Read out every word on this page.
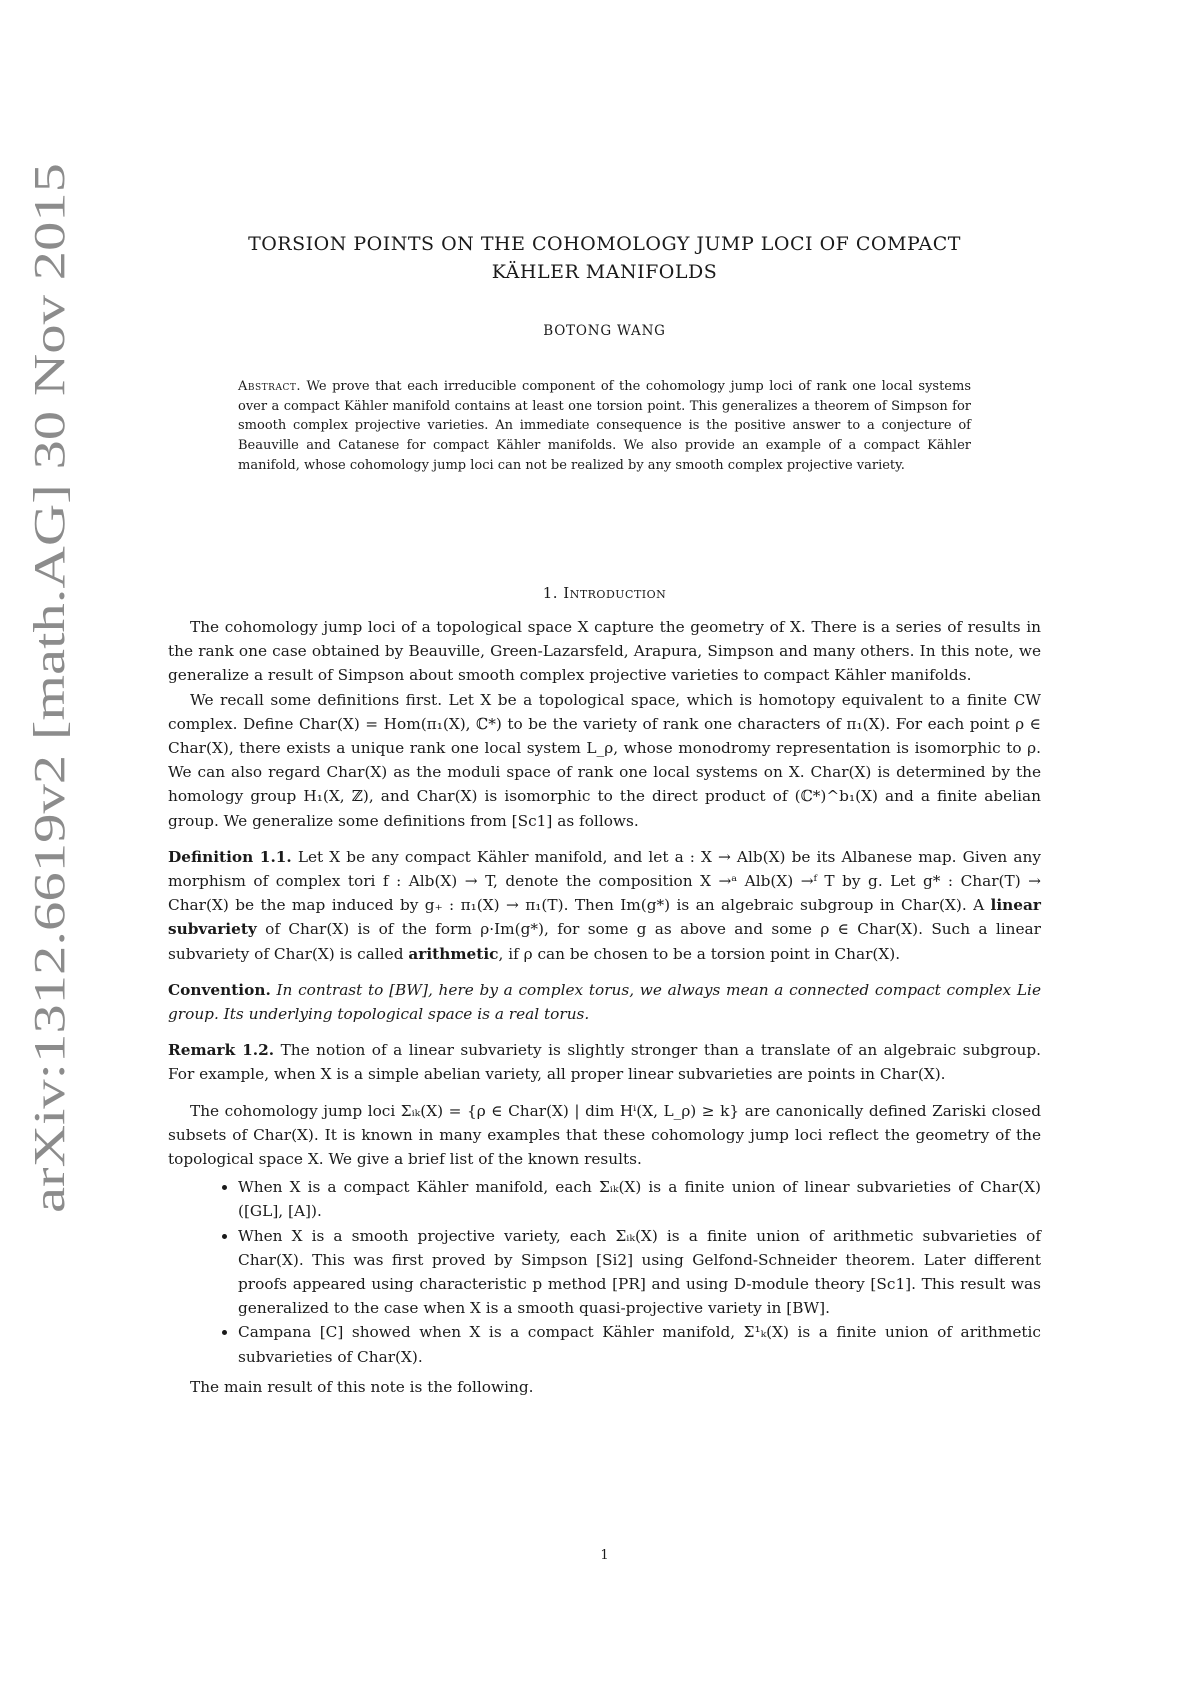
arXiv:1312.6619v2 [math.AG] 30 Nov 2015
TORSION POINTS ON THE COHOMOLOGY JUMP LOCI OF COMPACT
KÄHLER MANIFOLDS
BOTONG WANG
Abstract. We prove that each irreducible component of the cohomology jump loci of rank one local systems over a compact Kähler manifold contains at least one torsion point. This generalizes a theorem of Simpson for smooth complex projective varieties. An immediate consequence is the positive answer to a conjecture of Beauville and Catanese for compact Kähler manifolds. We also provide an example of a compact Kähler manifold, whose cohomology jump loci can not be realized by any smooth complex projective variety.
1. Introduction

The cohomology jump loci of a topological space X capture the geometry of X. There is a series of results in the rank one case obtained by Beauville, Green-Lazarsfeld, Arapura, Simpson and many others. In this note, we generalize a result of Simpson about smooth complex projective varieties to compact Kähler manifolds.

We recall some definitions first. Let X be a topological space, which is homotopy equivalent to a finite CW complex. Define Char(X) = Hom(π₁(X), ℂ*) to be the variety of rank one characters of π₁(X). For each point ρ ∈ Char(X), there exists a unique rank one local system L_ρ, whose monodromy representation is isomorphic to ρ. We can also regard Char(X) as the moduli space of rank one local systems on X. Char(X) is determined by the homology group H₁(X, ℤ), and Char(X) is isomorphic to the direct product of (ℂ*)^b₁(X) and a finite abelian group. We generalize some definitions from [Sc1] as follows.

Definition 1.1. Let X be any compact Kähler manifold, and let a : X → Alb(X) be its Albanese map. Given any morphism of complex tori f : Alb(X) → T, denote the composition X →ᵃ Alb(X) →ᶠ T by g. Let g* : Char(T) → Char(X) be the map induced by g₊ : π₁(X) → π₁(T). Then Im(g*) is an algebraic subgroup in Char(X). A linear subvariety of Char(X) is of the form ρ·Im(g*), for some g as above and some ρ ∈ Char(X). Such a linear subvariety of Char(X) is called arithmetic, if ρ can be chosen to be a torsion point in Char(X).

Convention. In contrast to [BW], here by a complex torus, we always mean a connected compact complex Lie group. Its underlying topological space is a real torus.

Remark 1.2. The notion of a linear subvariety is slightly stronger than a translate of an algebraic subgroup. For example, when X is a simple abelian variety, all proper linear subvarieties are points in Char(X).

The cohomology jump loci Σᵢₖ(X) = {ρ ∈ Char(X) | dim Hⁱ(X, L_ρ) ≥ k} are canonically defined Zariski closed subsets of Char(X). It is known in many examples that these cohomology jump loci reflect the geometry of the topological space X. We give a brief list of the known results.

• When X is a compact Kähler manifold, each Σᵢₖ(X) is a finite union of linear subvarieties of Char(X) ([GL], [A]).
• When X is a smooth projective variety, each Σᵢₖ(X) is a finite union of arithmetic subvarieties of Char(X). This was first proved by Simpson [Si2] using Gelfond-Schneider theorem. Later different proofs appeared using characteristic p method [PR] and using D-module theory [Sc1]. This result was generalized to the case when X is a smooth quasi-projective variety in [BW].
• Campana [C] showed when X is a compact Kähler manifold, Σ¹ₖ(X) is a finite union of arithmetic subvarieties of Char(X).

The main result of this note is the following.

1
